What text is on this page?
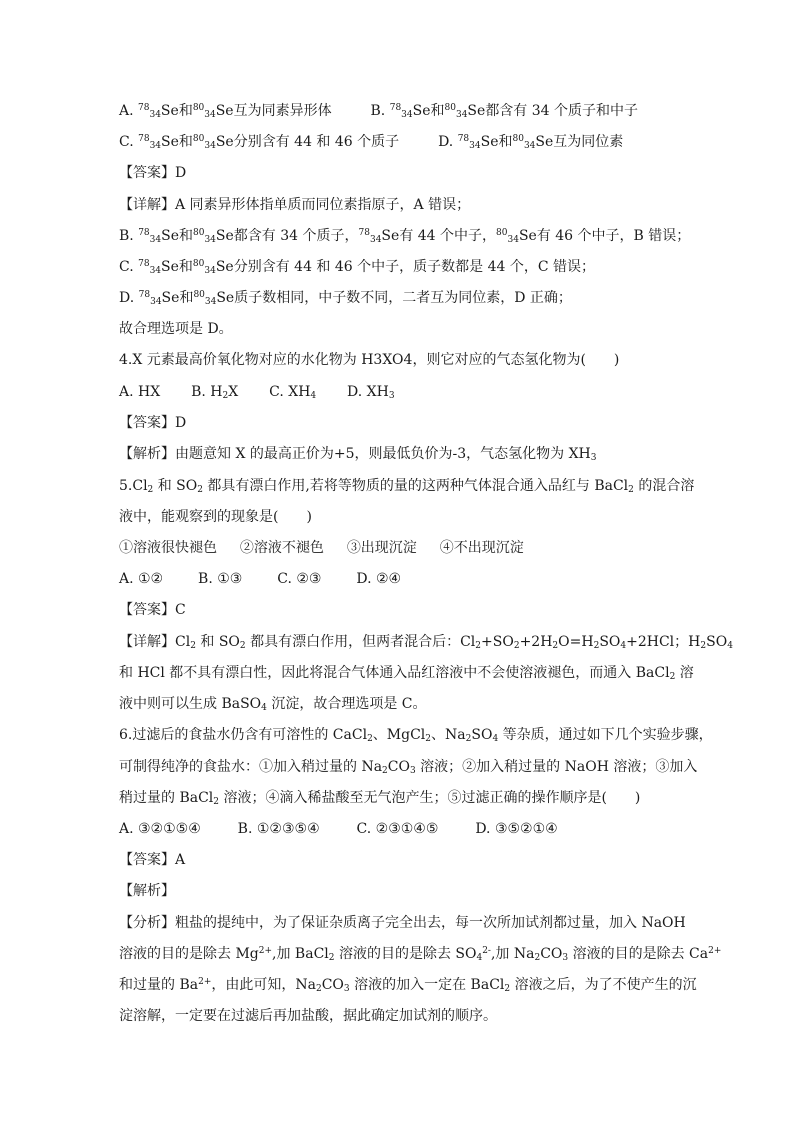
A. $^{78}_{34}$Se和$^{80}_{34}$Se互为同素异形体	B. $^{78}_{34}$Se和$^{80}_{34}$Se都含有 34 个质子和中子
C. $^{78}_{34}$Se和$^{80}_{34}$Se分别含有 44 和 46 个质子	D. $^{78}_{34}$Se和$^{80}_{34}$Se互为同位素
【答案】D
【详解】A 同素异形体指单质而同位素指原子，A 错误；
B. $^{78}_{34}$Se和$^{80}_{34}$Se都含有 34 个质子，$^{78}_{34}$Se有 44 个中子，$^{80}_{34}$Se有 46 个中子，B 错误；
C. $^{78}_{34}$Se和$^{80}_{34}$Se分别含有 44 和 46 个中子，质子数都是 44 个，C 错误；
D. $^{78}_{34}$Se和$^{80}_{34}$Se质子数相同，中子数不同，二者互为同位素，D 正确；
故合理选项是 D。
4.X 元素最高价氧化物对应的水化物为 H3XO4，则它对应的气态氢化物为(　　)
A. HX B. $H_2X$ C. $XH_4$ D. $XH_3$
【答案】D
【解析】由题意知 X 的最高正价为+5，则最低负价为-3，气态氢化物为 $XH_3$
$5.Cl_2$ 和 $SO_2$ 都具有漂白作用,若将等物质的量的这两种气体混合通入品红与 BaCl$_2$ 的混合溶
液中，能观察到的现象是(　　)
①溶液很快褪色 ②溶液不褪色 ③出现沉淀 ④不出现沉淀
A. ①② B. ①③ C. ②③ D. ②④
【答案】C
【详解】$Cl_2$ 和 $SO_2$ 都具有漂白作用，但两者混合后：$Cl_2+SO_2+2H_2O=H_2SO_4+2HCl$；$H_2SO_4$
和 HCl 都不具有漂白性，因此将混合气体通入品红溶液中不会使溶液褪色，而通入 BaCl$_2$ 溶
液中则可以生成 BaSO$_4$ 沉淀，故合理选项是 C。
6.过滤后的食盐水仍含有可溶性的 CaCl$_2$、MgCl$_2$、$Na_2SO_4$ 等杂质，通过如下几个实验步骤，
可制得纯净的食盐水：①加入稍过量的 $Na_2CO_3$ 溶液；②加入稍过量的 NaOH 溶液；③加入
稍过量的 BaCl$_2$ 溶液；④滴入稀盐酸至无气泡产生；⑤过滤正确的操作顺序是(　　)
A. ③②①⑤④	B. ①②③⑤④	C. ②③①④⑤	D. ③⑤②①④
【答案】A
【解析】
【分析】粗盐的提纯中，为了保证杂质离子完全出去，每一次所加试剂都过量，加入 NaOH
溶液的目的是除去 $Mg^{2+}$,加 BaCl$_2$ 溶液的目的是除去 $SO_4^{2-}$,加 $Na_2CO_3$ 溶液的目的是除去 $Ca^{2+}$
和过量的 $Ba^{2+}$，由此可知，$Na_2CO_3$ 溶液的加入一定在 BaCl$_2$ 溶液之后，为了不使产生的沉
淀溶解，一定要在过滤后再加盐酸，据此确定加试剂的顺序。
